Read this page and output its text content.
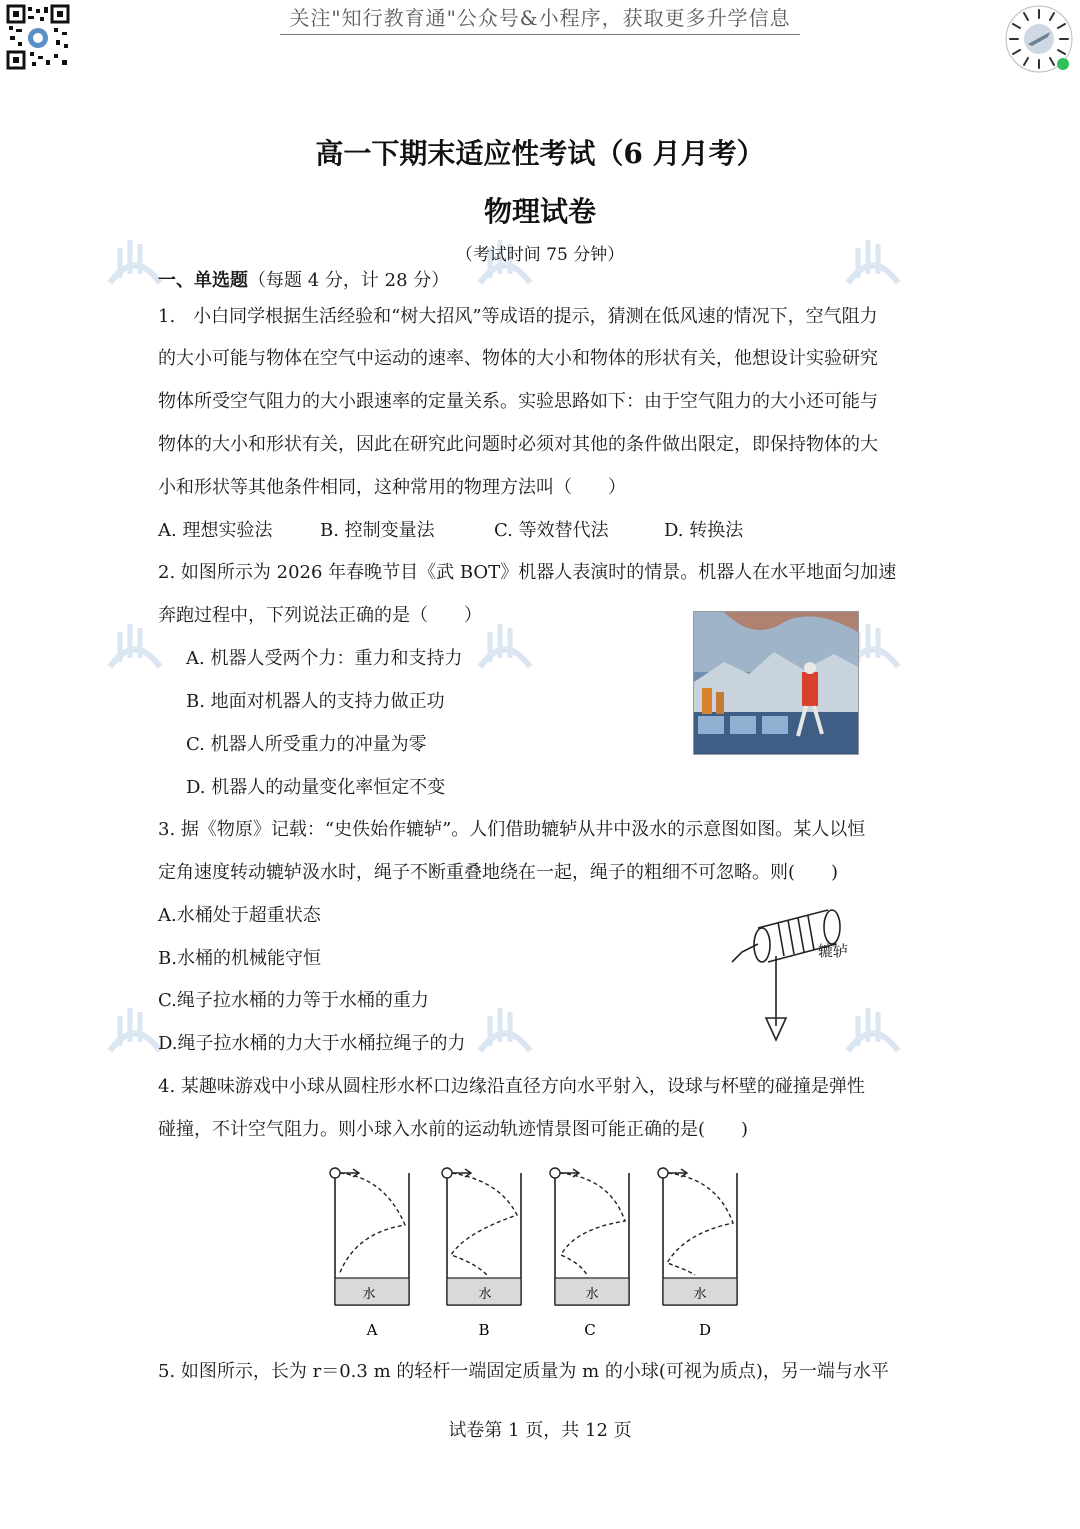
关注"知行教育通"公众号&小程序，获取更多升学信息
高一下期末适应性考试（6 月月考）
物理试卷
（考试时间 75 分钟）
一、单选题（每题 4 分，计 28 分）
1.　小白同学根据生活经验和“树大招风”等成语的提示，猜测在低风速的情况下，空气阻力
的大小可能与物体在空气中运动的速率、物体的大小和物体的形状有关，他想设计实验研究
物体所受空气阻力的大小跟速率的定量关系。实验思路如下：由于空气阻力的大小还可能与
物体的大小和形状有关，因此在研究此问题时必须对其他的条件做出限定，即保持物体的大
小和形状等其他条件相同，这种常用的物理方法叫（　　）
A. 理想实验法	B. 控制变量法	C. 等效替代法	D. 转换法
2. 如图所示为 2026 年春晚节目《武 BOT》机器人表演时的情景。机器人在水平地面匀加速
奔跑过程中，下列说法正确的是（　　）
A. 机器人受两个力：重力和支持力
B. 地面对机器人的支持力做正功
C. 机器人所受重力的冲量为零
D. 机器人的动量变化率恒定不变
3. 据《物原》记载：“史佚始作辘轳”。人们借助辘轳从井中汲水的示意图如图。某人以恒
定角速度转动辘轳汲水时，绳子不断重叠地绕在一起，绳子的粗细不可忽略。则(　　)
A.水桶处于超重状态
B.水桶的机械能守恒
C.绳子拉水桶的力等于水桶的重力
D.绳子拉水桶的力大于水桶拉绳子的力
辘轳
4. 某趣味游戏中小球从圆柱形水杯口边缘沿直径方向水平射入，设球与杯壁的碰撞是弹性
碰撞，不计空气阻力。则小球入水前的运动轨迹情景图可能正确的是(　　)
水
A
水
B
水
C
水
D
5. 如图所示，长为 r＝0.3 m 的轻杆一端固定质量为 m 的小球(可视为质点)，另一端与水平
试卷第 1 页，共 12 页
